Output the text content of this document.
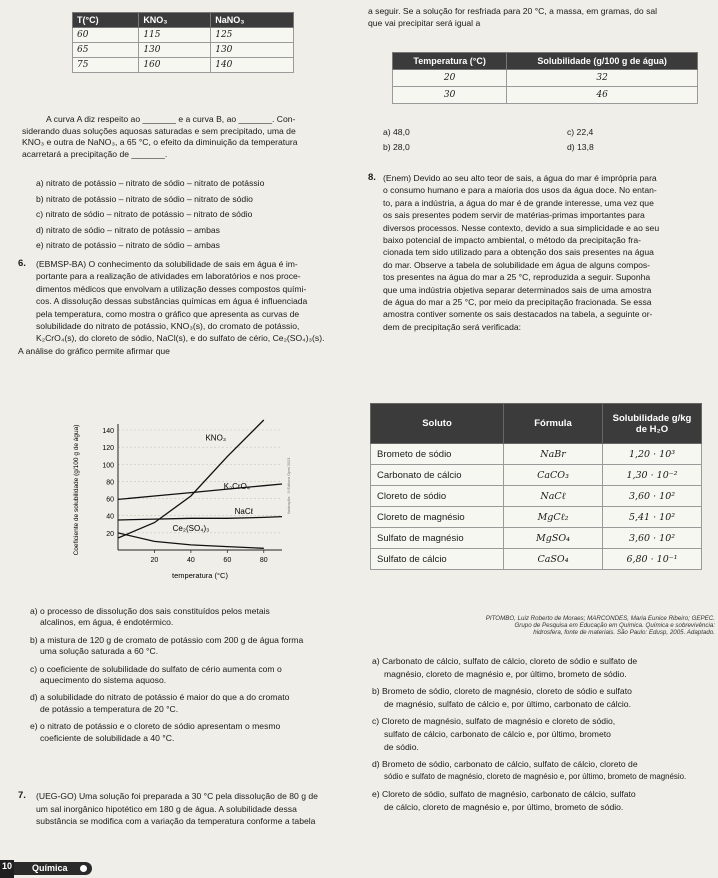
T(°C)	KNO₃	NaNO₃
60	115	125
65	130	130
75	160	140
A curva A diz respeito ao _______ e a curva B, ao _______. Con-
siderando duas soluções aquosas saturadas e sem precipitado, uma de
KNO₃ e outra de NaNO₃, a 65 °C, o efeito da diminuição da temperatura
acarretará a precipitação de _______.
a) nitrato de potássio – nitrato de sódio – nitrato de potássio
b) nitrato de potássio – nitrato de sódio – nitrato de sódio
c) nitrato de sódio – nitrato de potássio – nitrato de sódio
d) nitrato de sódio – nitrato de potássio – ambas
e) nitrato de potássio – nitrato de sódio – ambas
6. (EBMSP-BA) O conhecimento da solubilidade de sais em água é im-
portante para a realização de atividades em laboratórios e nos proce-
dimentos médicos que envolvam a utilização desses compostos quími-
cos. A dissolução dessas substâncias químicas em água é influenciada
pela temperatura, como mostra o gráfico que apresenta as curvas de
solubilidade do nitrato de potássio, KNO₃(s), do cromato de potássio,
K₂CrO₄(s), do cloreto de sódio, NaCl(s), e do sulfato de cério, Ce₂(SO₄)₃(s).
A análise do gráfico permite afirmar que
20
40
60
80
100
120
140
20	40	60	80
temperatura (°C)
Coeficiente de solubilidade (g/100 g de água)	KNO₃
K₂CrO₄
NaCℓ
Ce₂(SO₄)₃
ilustração: ©Editora Opet 2021
a) o processo de dissolução dos sais constituídos pelos metais
alcalinos, em água, é endotérmico.
b) a mistura de 120 g de cromato de potássio com 200 g de água forma
uma solução saturada a 60 °C.
c) o coeficiente de solubilidade do sulfato de cério aumenta com o
aquecimento do sistema aquoso.
d) a solubilidade do nitrato de potássio é maior do que a do cromato
de potássio a temperatura de 20 °C.
e) o nitrato de potássio e o cloreto de sódio apresentam o mesmo
coeficiente de solubilidade a 40 °C.
7. (UEG-GO) Uma solução foi preparada a 30 °C pela dissolução de 80 g de
um sal inorgânico hipotético em 180 g de água. A solubilidade dessa
substância se modifica com a variação da temperatura conforme a tabela
a seguir. Se a solução for resfriada para 20 °C, a massa, em gramas, do sal
que vai precipitar será igual a
Temperatura (°C)	Solubilidade (g/100 g de água)
20	32
30	46
a) 48,0
b) 28,0
c) 22,4
d) 13,8
8. (Enem) Devido ao seu alto teor de sais, a água do mar é imprópria para
o consumo humano e para a maioria dos usos da água doce. No entan-
to, para a indústria, a água do mar é de grande interesse, uma vez que
os sais presentes podem servir de matérias-primas importantes para
diversos processos. Nesse contexto, devido a sua simplicidade e ao seu
baixo potencial de impacto ambiental, o método da precipitação fra-
cionada tem sido utilizado para a obtenção dos sais presentes na água
do mar. Observe a tabela de solubilidade em água de alguns compos-
tos presentes na água do mar a 25 °C, reproduzida a seguir. Suponha
que uma indústria objetiva separar determinados sais de uma amostra
de água do mar a 25 °C, por meio da precipitação fracionada. Se essa
amostra contiver somente os sais destacados na tabela, a seguinte or-
dem de precipitação será verificada:
Soluto	Fórmula	Solubilidade g/kg de H₂O
Brometo de sódio	NaBr	1,20 · 10³
Carbonato de cálcio	CaCO₃	1,30 · 10⁻²
Cloreto de sódio	NaCℓ	3,60 · 10²
Cloreto de magnésio	MgCℓ₂	5,41 · 10²
Sulfato de magnésio	MgSO₄	3,60 · 10²
Sulfato de cálcio	CaSO₄	6,80 · 10⁻¹
PITOMBO, Luiz Roberto de Moraes; MARCONDES, Maria Eunice Ribeiro; GEPEC.
Grupo de Pesquisa em Educação em Química. Química e sobrevivência:
hidrosfera, fonte de materiais. São Paulo: Edusp, 2005. Adaptado.
a) Carbonato de cálcio, sulfato de cálcio, cloreto de sódio e sulfato de
magnésio, cloreto de magnésio e, por último, brometo de sódio.
b) Brometo de sódio, cloreto de magnésio, cloreto de sódio e sulfato
de magnésio, sulfato de cálcio e, por último, carbonato de cálcio.
c) Cloreto de magnésio, sulfato de magnésio e cloreto de sódio,
sulfato de cálcio, carbonato de cálcio e, por último, brometo
de sódio.
d) Brometo de sódio, carbonato de cálcio, sulfato de cálcio, cloreto de
sódio e sulfato de magnésio, cloreto de magnésio e, por último, brometo de magnésio.
e) Cloreto de sódio, sulfato de magnésio, carbonato de cálcio, sulfato
de cálcio, cloreto de magnésio e, por último, brometo de sódio.
10 Química
